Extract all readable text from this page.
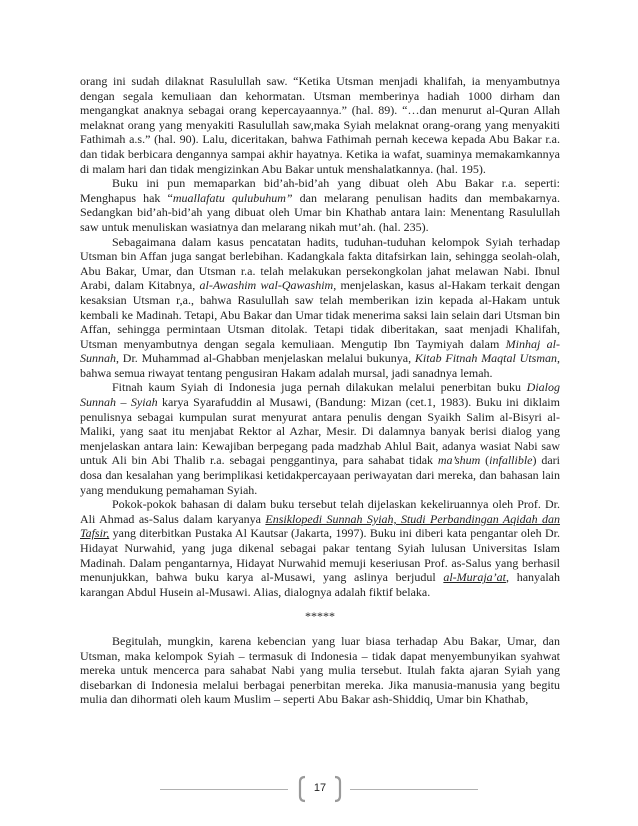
orang ini sudah dilaknat Rasulullah saw. “Ketika Utsman menjadi khalifah, ia menyambutnya dengan segala kemuliaan dan kehormatan. Utsman memberinya hadiah 1000 dirham dan mengangkat anaknya sebagai orang kepercayaannya.” (hal. 89). “…dan menurut al-Quran Allah melaknat orang yang menyakiti Rasulullah saw,maka Syiah melaknat orang-orang yang menyakiti Fathimah a.s.” (hal. 90). Lalu, diceritakan, bahwa Fathimah pernah kecewa kepada Abu Bakar r.a. dan tidak berbicara dengannya sampai akhir hayatnya. Ketika ia wafat, suaminya memakamkannya di malam hari dan tidak mengizinkan Abu Bakar untuk menshalatkannya. (hal. 195).

Buku ini pun memaparkan bid’ah-bid’ah yang dibuat oleh Abu Bakar r.a. seperti: Menghapus hak “muallafatu qulubuhum” dan melarang penulisan hadits dan membakarnya. Sedangkan bid’ah-bid’ah yang dibuat oleh Umar bin Khathab antara lain: Menentang Rasulullah saw untuk menuliskan wasiatnya dan melarang nikah mut’ah. (hal. 235).

Sebagaimana dalam kasus pencatatan hadits, tuduhan-tuduhan kelompok Syiah terhadap Utsman bin Affan juga sangat berlebihan. Kadangkala fakta ditafsirkan lain, sehingga seolah-olah, Abu Bakar, Umar, dan Utsman r.a. telah melakukan persekongkolan jahat melawan Nabi. Ibnul Arabi, dalam Kitabnya, al-Awashim wal-Qawashim, menjelaskan, kasus al-Hakam terkait dengan kesaksian Utsman r,a., bahwa Rasulullah saw telah memberikan izin kepada al-Hakam untuk kembali ke Madinah. Tetapi, Abu Bakar dan Umar tidak menerima saksi lain selain dari Utsman bin Affan, sehingga permintaan Utsman ditolak. Tetapi tidak diberitakan, saat menjadi Khalifah, Utsman menyambutnya dengan segala kemuliaan. Mengutip Ibn Taymiyah dalam Minhaj al-Sunnah, Dr. Muhammad al-Ghabban menjelaskan melalui bukunya, Kitab Fitnah Maqtal Utsman, bahwa semua riwayat tentang pengusiran Hakam adalah mursal, jadi sanadnya lemah.

Fitnah kaum Syiah di Indonesia juga pernah dilakukan melalui penerbitan buku Dialog Sunnah – Syiah karya Syarafuddin al Musawi, (Bandung: Mizan (cet.1, 1983). Buku ini diklaim penulisnya sebagai kumpulan surat menyurat antara penulis dengan Syaikh Salim al-Bisyri al-Maliki, yang saat itu menjabat Rektor al Azhar, Mesir. Di dalamnya banyak berisi dialog yang menjelaskan antara lain: Kewajiban berpegang pada madzhab Ahlul Bait, adanya wasiat Nabi saw untuk Ali bin Abi Thalib r.a. sebagai penggantinya, para sahabat tidak ma’shum (infallible) dari dosa dan kesalahan yang berimplikasi ketidakpercayaan periwayatan dari mereka, dan bahasan lain yang mendukung pemahaman Syiah.

Pokok-pokok bahasan di dalam buku tersebut telah dijelaskan kekeliruannya oleh Prof. Dr. Ali Ahmad as-Salus dalam karyanya Ensiklopedi Sunnah Syiah, Studi Perbandingan Aqidah dan Tafsir, yang diterbitkan Pustaka Al Kautsar (Jakarta, 1997). Buku ini diberi kata pengantar oleh Dr. Hidayat Nurwahid, yang juga dikenal sebagai pakar tentang Syiah lulusan Universitas Islam Madinah. Dalam pengantarnya, Hidayat Nurwahid memuji keseriusan Prof. as-Salus yang berhasil menunjukkan, bahwa buku karya al-Musawi, yang aslinya berjudul al-Muraja’at, hanyalah karangan Abdul Husein al-Musawi. Alias, dialognya adalah fiktif belaka.

*****

Begitulah, mungkin, karena kebencian yang luar biasa terhadap Abu Bakar, Umar, dan Utsman, maka kelompok Syiah – termasuk di Indonesia – tidak dapat menyembunyikan syahwat mereka untuk mencerca para sahabat Nabi yang mulia tersebut. Itulah fakta ajaran Syiah yang disebarkan di Indonesia melalui berbagai penerbitan mereka. Jika manusia-manusia yang begitu mulia dan dihormati oleh kaum Muslim – seperti Abu Bakar ash-Shiddiq, Umar bin Khathab,

17
